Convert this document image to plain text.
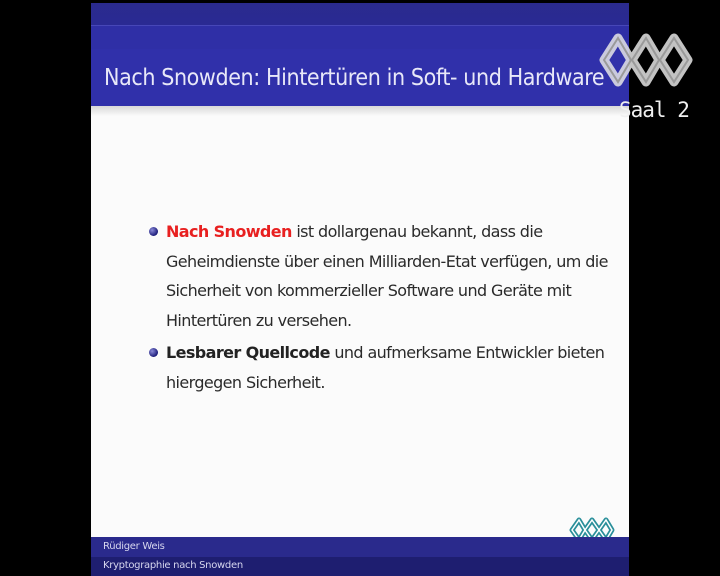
Nach Snowden: Hintertüren in Soft- und Hardware
Nach Snowden ist dollargenau bekannt, dass die Geheimdienste über einen Milliarden-Etat verfügen, um die Sicherheit von kommerzieller Software und Geräte mit Hintertüren zu versehen.
Lesbarer Quellcode und aufmerksame Entwickler bieten hiergegen Sicherheit.
Rüdiger Weis
Kryptographie nach Snowden
Saal 2
